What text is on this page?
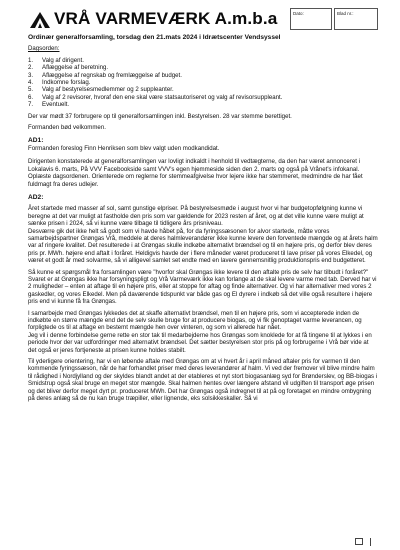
VRÅ VARMEVÆRK A.m.b.a	Dato:	Blad nr.:

Ordinær generalforsamling, torsdag den 21.mats 2024 i Idrætscenter Vendsyssel

Dagsorden:

1.	Valg af dirigent.
2.	Aflæggelse af beretning.
3.	Aflæggelse af regnskab og fremlæggelse af budget.
4.	Indkomne forslag.
5.	Valg af bestyrelsesmedlemmer og 2 suppleanter.
6.	Valg af 2 revisorer, hvoraf den ene skal være statsautoriseret og valg af revisorsuppleant.
7.	Eventuelt.

Der var mødt 37 forbrugere op til generalforsamlingen inkl. Bestyrelsen. 28 var stemme berettiget.

Formanden bød velkommen.

AD1:

Formanden foreslog Finn Henriksen som blev valgt uden modkandidat.

Dirigenten konstaterede at generalforsamlingen var lovligt indkaldt i henhold til vedtægterne, da den har været annonceret i Lokalavis 6. marts, På VVV Facebookside samt VVV's egen hjemmeside siden den 2. marts og også på Vrånet's infokanal. Oplæste dagsordenen. Orienterede om reglerne for stemmeafgivelse hvor lejere ikke har stemmeret, medmindre de har fået fuldmagt fra deres udlejer.

AD2:

Året startede med masser af sol, samt gunstige elpriser. På bestyrelsesmøde i august hvor vi har budgetopfølgning kunne vi beregne at det var muligt at fastholde den pris som var gældende for 2023 resten af året, og at det ville kunne være muligt at sænke prisen i 2024, så vi kunne være tilbage til tidligere års prisniveau.

Desværre gik det ikke helt så godt som vi havde håbet på, for da fyringssæsonen for alvor startede, måtte vores samarbejdspartner Grøngas Vrå, meddele at deres halmleverandører ikke kunne levere den forventede mængde og at årets halm var af ringere kvalitet. Det resulterede i at Grøngas skulle indkøbe alternativt brændsel og til en højere pris, og derfor blev deres pris pr. MWh. højere end aftalt i foråret. Heldigvis havde der i flere måneder været produceret til lave priser på vores Elkedel, og været et godt år med solvarme, så vi alligevel samlet set endte med en lavere gennemsnitlig produktionspris end budgetteret.

Så kunne et spørgsmål fra forsamlingen være "hvorfor skal Grøngas ikke levere til den aftalte pris de selv har tilbudt i foråret?" Svaret er at Grøngas ikke har forsyningspligt og Vrå Varmeværk ikke kan forlange at de skal levere varme med tab. Derved har vi 2 muligheder – enten at aftage til en højere pris, eller at stoppe for aftag og finde alternativer. Og vi har alternativer med vores 2 gaskedler, og vores Elkedel. Men på daværende tidspunkt var både gas og El dyrere i indkøb så det ville også resultere i højere pris end vi kunne få fra Grøngas.

I samarbejde med Grøngas lykkedes det at skaffe alternativt brændsel, men til en højere pris, som vi accepterede inden de indkøbte en større mængde end det de selv skulle bruge for at producere biogas, og vi fik genoptaget varme leverancen, og forpligtede os til at aftage en bestemt mængde hen over vinteren, og som vi allerede har nået.

Jeg vil i denne forbindelse gerne rette en stor tak til medarbejderne hos Grøngas som knoklede for at få tingene til at lykkes i en periode hvor der var udfordringer med alternativt brændsel. Det sætter bestyrelsen stor pris på og forbrugerne i Vrå bør vide at det også er jeres fortjeneste at prisen kunne holdes stabilt.

Til yderligere orientering, har vi en løbende aftale med Grøngas om at vi hvert år i april måned aftaler pris for varmen til den kommende fyringssæson, når de har forhandlet priser med deres leverandører af halm. Vi ved der fremover vil blive mindre halm til rådighed i Nordjylland og der skyldes blandt andet at der etableres et nyt stort biogasanlæg syd for Brønderslev, og BB-biogas i Smidstrup også skal bruge en meget stor mængde. Skal halmen hentes over længere afstand vil udgiften til transport øge prisen og det bliver derfor meget dyrt pr. produceret MWh. Det har Grøngas også indregnet til at på og foretaget en mindre ombygning på deres anlæg så de nu kan bruge træpiller, eller lignende, eks solsikkeskaller. Så vi
